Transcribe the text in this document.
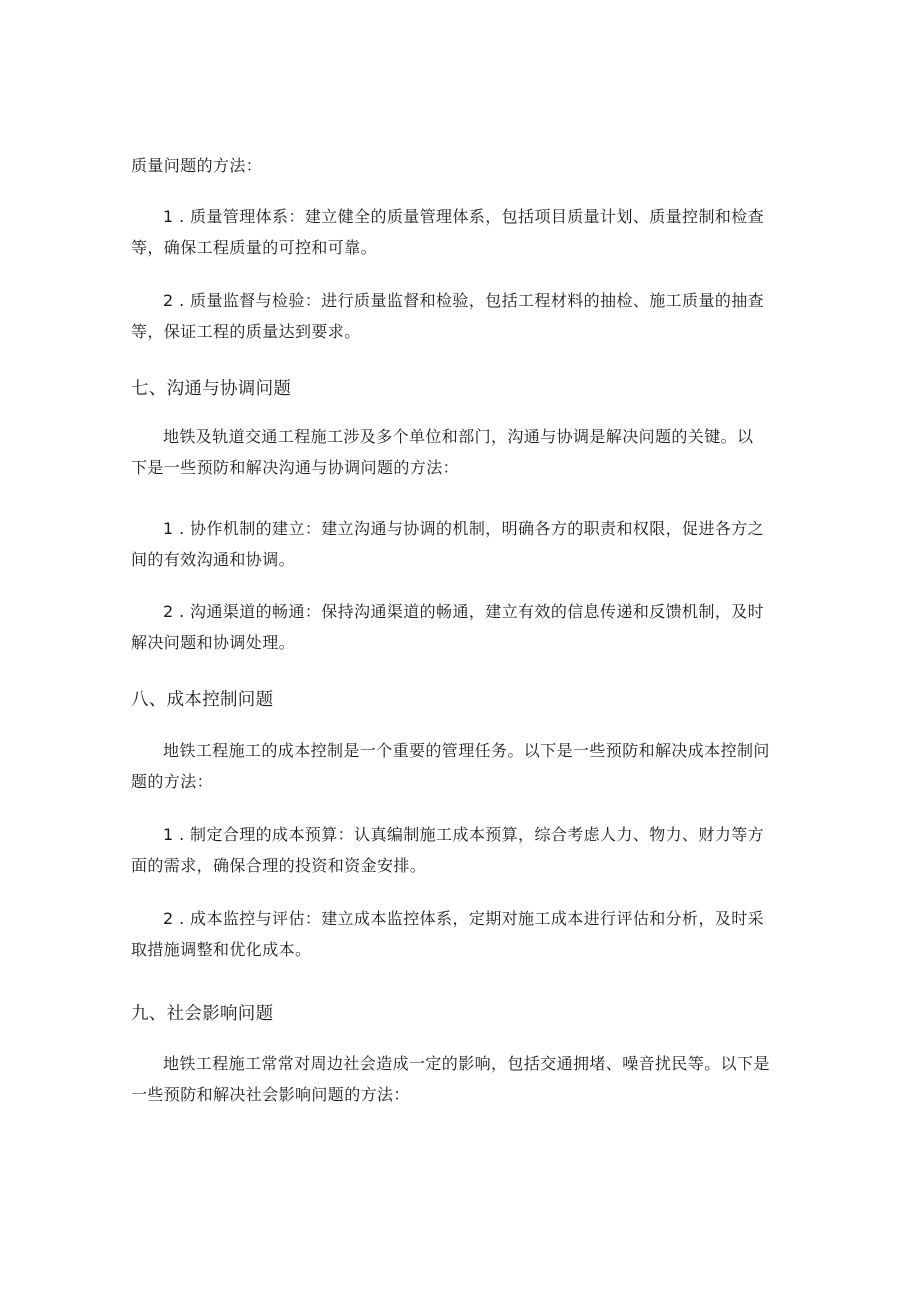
质量问题的方法：

1 . 质量管理体系：建立健全的质量管理体系，包括项目质量计划、质量控制和检查
等，确保工程质量的可控和可靠。

2 . 质量监督与检验：进行质量监督和检验，包括工程材料的抽检、施工质量的抽查
等，保证工程的质量达到要求。

七、沟通与协调问题

地铁及轨道交通工程施工涉及多个单位和部门，沟通与协调是解决问题的关键。以
下是一些预防和解决沟通与协调问题的方法：

1 . 协作机制的建立：建立沟通与协调的机制，明确各方的职责和权限，促进各方之
间的有效沟通和协调。

2 . 沟通渠道的畅通：保持沟通渠道的畅通，建立有效的信息传递和反馈机制，及时
解决问题和协调处理。

八、成本控制问题

地铁工程施工的成本控制是一个重要的管理任务。以下是一些预防和解决成本控制问
题的方法：

1 . 制定合理的成本预算：认真编制施工成本预算，综合考虑人力、物力、财力等方
面的需求，确保合理的投资和资金安排。

2 . 成本监控与评估：建立成本监控体系，定期对施工成本进行评估和分析，及时采
取措施调整和优化成本。

九、社会影响问题

地铁工程施工常常对周边社会造成一定的影响，包括交通拥堵、噪音扰民等。以下是
一些预防和解决社会影响问题的方法：
